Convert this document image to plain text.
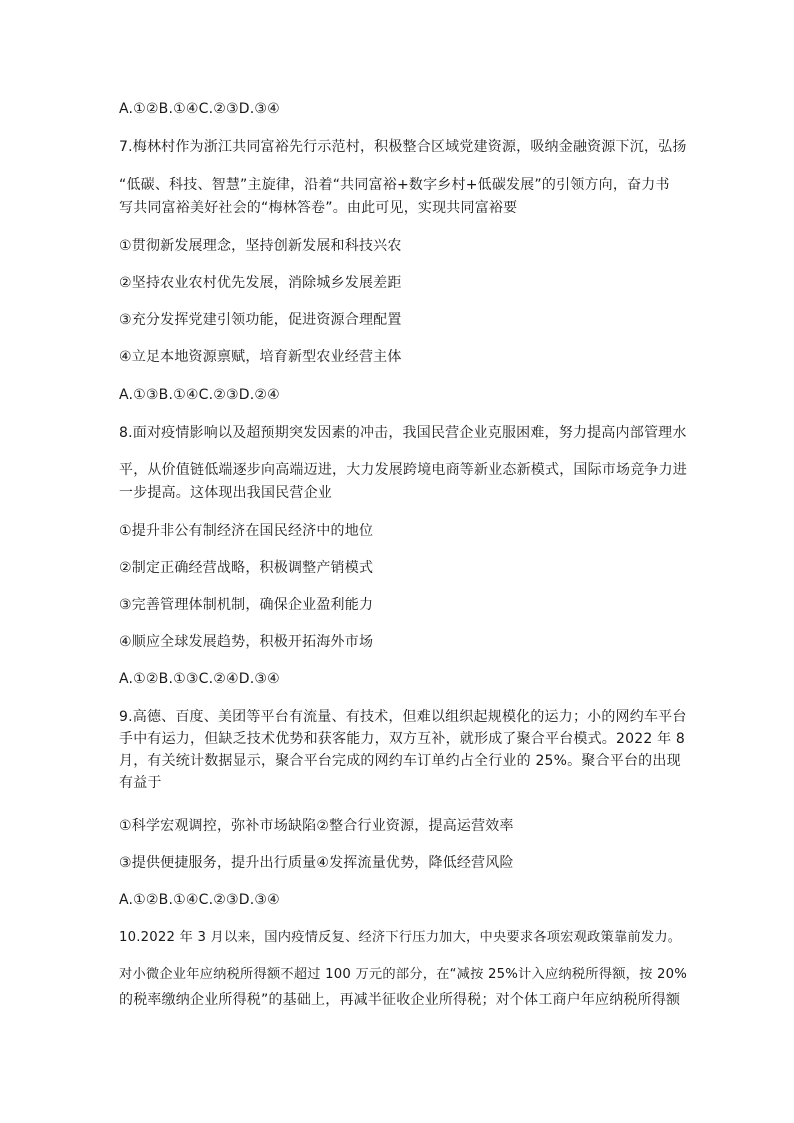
A.①②B.①④C.②③D.③④
7.梅林村作为浙江共同富裕先行示范村，积极整合区域党建资源，吸纳金融资源下沉，弘扬
“低碳、科技、智慧”主旋律，沿着“共同富裕+数字乡村+低碳发展”的引领方向，奋力书
写共同富裕美好社会的“梅林答卷”。由此可见，实现共同富裕要
①贯彻新发展理念，坚持创新发展和科技兴农
②坚持农业农村优先发展，消除城乡发展差距
③充分发挥党建引领功能，促进资源合理配置
④立足本地资源禀赋，培育新型农业经营主体
A.①③B.①④C.②③D.②④
8.面对疫情影响以及超预期突发因素的冲击，我国民营企业克服困难，努力提高内部管理水
平，从价值链低端逐步向高端迈进，大力发展跨境电商等新业态新模式，国际市场竞争力进
一步提高。这体现出我国民营企业
①提升非公有制经济在国民经济中的地位
②制定正确经营战略，积极调整产销模式
③完善管理体制机制，确保企业盈利能力
④顺应全球发展趋势，积极开拓海外市场
A.①②B.①③C.②④D.③④
9.高德、百度、美团等平台有流量、有技术，但难以组织起规模化的运力；小的网约车平台手中有运力，但缺乏技术优势和获客能力，双方互补，就形成了聚合平台模式。2022 年 8 月，有关统计数据显示，聚合平台完成的网约车订单约占全行业的 25%。聚合平台的出现有益于
①科学宏观调控，弥补市场缺陷②整合行业资源，提高运营效率
③提供便捷服务，提升出行质量④发挥流量优势，降低经营风险
A.①②B.①④C.②③D.③④
10.2022 年 3 月以来，国内疫情反复、经济下行压力加大，中央要求各项宏观政策靠前发力。
对小微企业年应纳税所得额不超过 100 万元的部分，在“减按 25%计入应纳税所得额，按 20%
的税率缴纳企业所得税”的基础上，再减半征收企业所得税；对个体工商户年应纳税所得额
